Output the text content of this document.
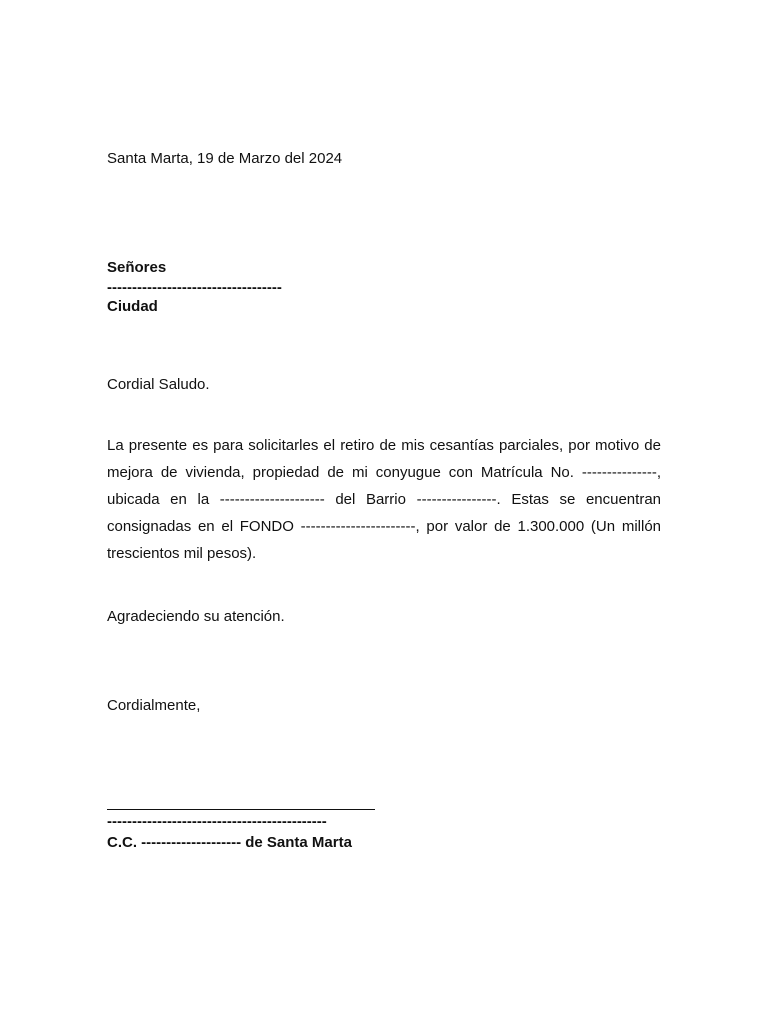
Santa Marta, 19 de Marzo del 2024
Señores
-----------------------------------
Ciudad
Cordial Saludo.
La presente es para solicitarles el retiro de mis cesantías parciales, por motivo de mejora de vivienda, propiedad de mi conyugue con Matrícula No. ---------------, ubicada en la --------------------- del Barrio ----------------. Estas se encuentran consignadas en el FONDO -----------------------, por valor de 1.300.000 (Un millón trescientos mil pesos).
Agradeciendo su atención.
Cordialmente,
--------------------------------------------
C.C. -------------------- de Santa Marta
